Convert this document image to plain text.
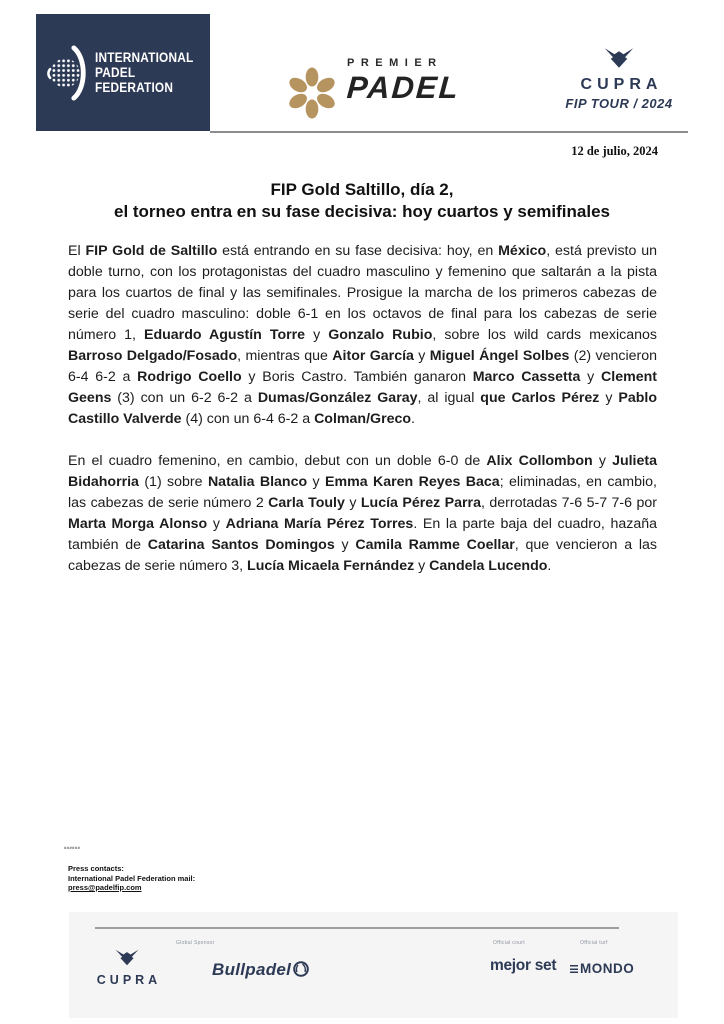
INTERNATIONAL
PADEL
FEDERATION
PREMIER
PADEL	CUPRA
FIP TOUR / 2024
12 de julio, 2024
FIP Gold Saltillo, día 2,
el torneo entra en su fase decisiva: hoy cuartos y semifinales

El FIP Gold de Saltillo está entrando en su fase decisiva: hoy, en México, está previsto un doble turno, con los protagonistas del cuadro masculino y femenino que saltarán a la pista para los cuartos de final y las semifinales. Prosigue la marcha de los primeros cabezas de serie del cuadro masculino: doble 6-1 en los octavos de final para los cabezas de serie número 1, Eduardo Agustín Torre y Gonzalo Rubio, sobre los wild cards mexicanos Barroso Delgado/Fosado, mientras que Aitor García y Miguel Ángel Solbes (2) vencieron 6-4 6-2 a Rodrigo Coello y Boris Castro. También ganaron Marco Cassetta y Clement Geens (3) con un 6-2 6-2 a Dumas/González Garay, al igual que Carlos Pérez y Pablo Castillo Valverde (4) con un 6-4 6-2 a Colman/Greco.

En el cuadro femenino, en cambio, debut con un doble 6-0 de Alix Collombon y Julieta Bidahorria (1) sobre Natalia Blanco y Emma Karen Reyes Baca; eliminadas, en cambio, las cabezas de serie número 2 Carla Touly y Lucía Pérez Parra, derrotadas 7-6 5-7 7-6 por Marta Morga Alonso y Adriana María Pérez Torres. En la parte baja del cuadro, hazaña también de Catarina Santos Domingos y Camila Ramme Coellar, que vencieron a las cabezas de serie número 3, Lucía Micaela Fernández y Candela Lucendo.

######
Press contacts:
International Padel Federation mail:
press@padelfip.com
Global Sponsor	Official court	Official turf
CUPRA
Bullpadel	mejor set MONDO
